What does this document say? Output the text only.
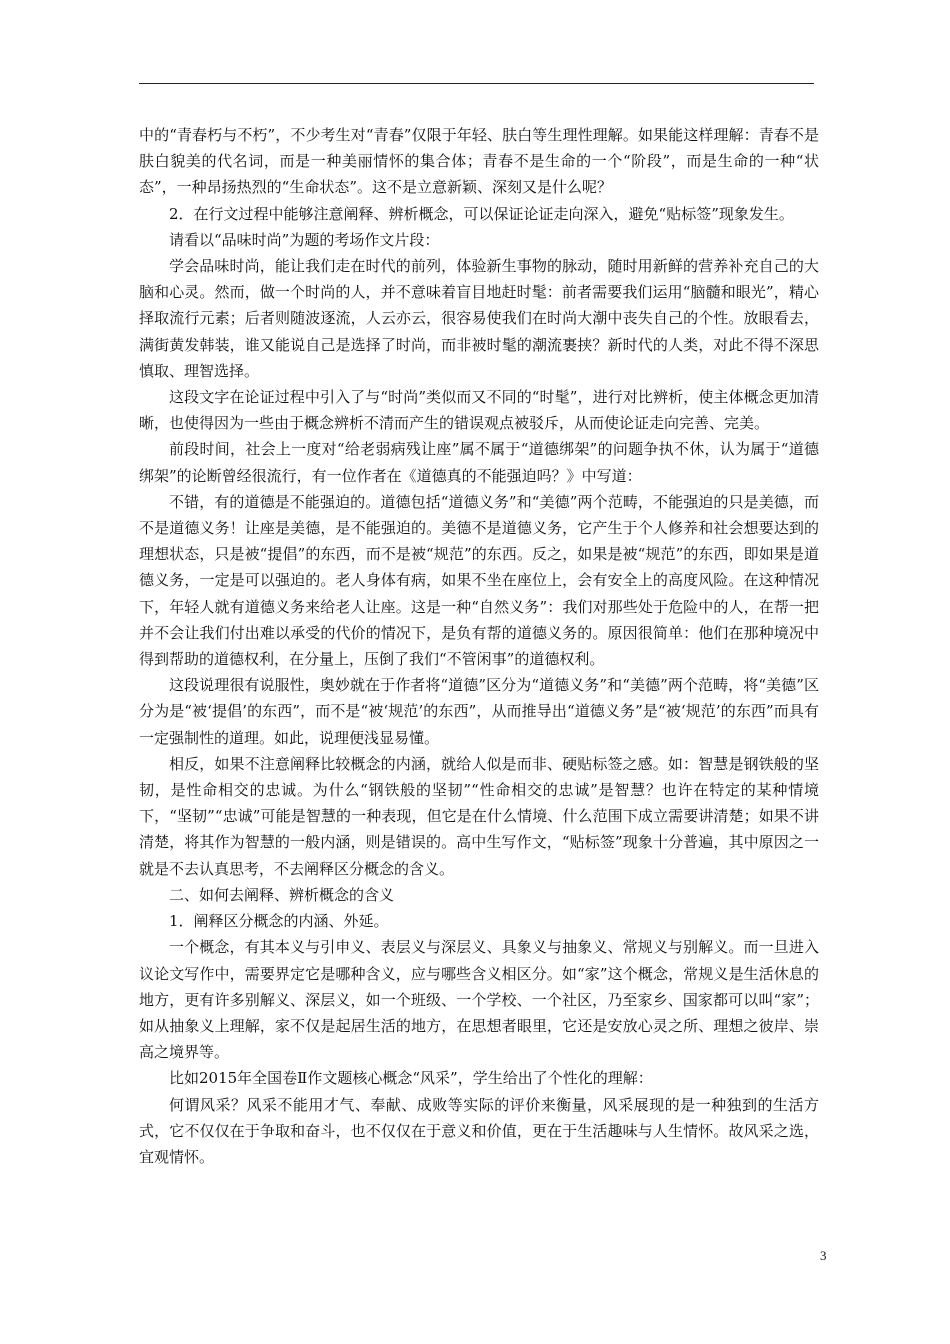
中的“青春朽与不朽”，不少考生对“青春”仅限于年轻、肤白等生理性理解。如果能这样理解：青春不是肤白貌美的代名词，而是一种美丽情怀的集合体；青春不是生命的一个“阶段”，而是生命的一种“状态”，一种昂扬热烈的“生命状态”。这不是立意新颖、深刻又是什么呢？

2．在行文过程中能够注意阐释、辨析概念，可以保证论证走向深入，避免“贴标签”现象发生。

请看以“品味时尚”为题的考场作文片段：

学会品味时尚，能让我们走在时代的前列，体验新生事物的脉动，随时用新鲜的营养补充自己的大脑和心灵。然而，做一个时尚的人，并不意味着盲目地赶时髦：前者需要我们运用“脑髓和眼光”，精心择取流行元素；后者则随波逐流，人云亦云，很容易使我们在时尚大潮中丧失自己的个性。放眼看去，满街黄发韩装，谁又能说自己是选择了时尚，而非被时髦的潮流裹挟？新时代的人类，对此不得不深思慎取、理智选择。

这段文字在论证过程中引入了与“时尚”类似而又不同的“时髦”，进行对比辨析，使主体概念更加清晰，也使得因为一些由于概念辨析不清而产生的错误观点被驳斥，从而使论证走向完善、完美。

前段时间，社会上一度对“给老弱病残让座”属不属于“道德绑架”的问题争执不休，认为属于“道德绑架”的论断曾经很流行，有一位作者在《道德真的不能强迫吗？》中写道：

不错，有的道德是不能强迫的。道德包括“道德义务”和“美德”两个范畴，不能强迫的只是美德，而不是道德义务！让座是美德，是不能强迫的。美德不是道德义务，它产生于个人修养和社会想要达到的理想状态，只是被“提倡”的东西，而不是被“规范”的东西。反之，如果是被“规范”的东西，即如果是道德义务，一定是可以强迫的。老人身体有病，如果不坐在座位上，会有安全上的高度风险。在这种情况下，年轻人就有道德义务来给老人让座。这是一种“自然义务”：我们对那些处于危险中的人，在帮一把并不会让我们付出难以承受的代价的情况下，是负有帮的道德义务的。原因很简单：他们在那种境况中得到帮助的道德权利，在分量上，压倒了我们“不管闲事”的道德权利。

这段说理很有说服性，奥妙就在于作者将“道德”区分为“道德义务”和“美德”两个范畴，将“美德”区分为是“被‘提倡’的东西”，而不是“被‘规范’的东西”，从而推导出“道德义务”是“被‘规范’的东西”而具有一定强制性的道理。如此，说理便浅显易懂。

相反，如果不注意阐释比较概念的内涵，就给人似是而非、硬贴标签之感。如：智慧是钢铁般的坚韧，是性命相交的忠诚。为什么“钢铁般的坚韧”“性命相交的忠诚”是智慧？也许在特定的某种情境下，“坚韧”“忠诚”可能是智慧的一种表现，但它是在什么情境、什么范围下成立需要讲清楚；如果不讲清楚，将其作为智慧的一般内涵，则是错误的。高中生写作文，“贴标签”现象十分普遍，其中原因之一就是不去认真思考，不去阐释区分概念的含义。

二、如何去阐释、辨析概念的含义

1．阐释区分概念的内涵、外延。

一个概念，有其本义与引申义、表层义与深层义、具象义与抽象义、常规义与别解义。而一旦进入议论文写作中，需要界定它是哪种含义，应与哪些含义相区分。如“家”这个概念，常规义是生活休息的地方，更有许多别解义、深层义，如一个班级、一个学校、一个社区，乃至家乡、国家都可以叫“家”；如从抽象义上理解，家不仅是起居生活的地方，在思想者眼里，它还是安放心灵之所、理想之彼岸、崇高之境界等。

比如2015年全国卷Ⅱ作文题核心概念“风采”，学生给出了个性化的理解：

何谓风采？风采不能用才气、奉献、成败等实际的评价来衡量，风采展现的是一种独到的生活方式，它不仅仅在于争取和奋斗，也不仅仅在于意义和价值，更在于生活趣味与人生情怀。故风采之选，宜观情怀。

3
